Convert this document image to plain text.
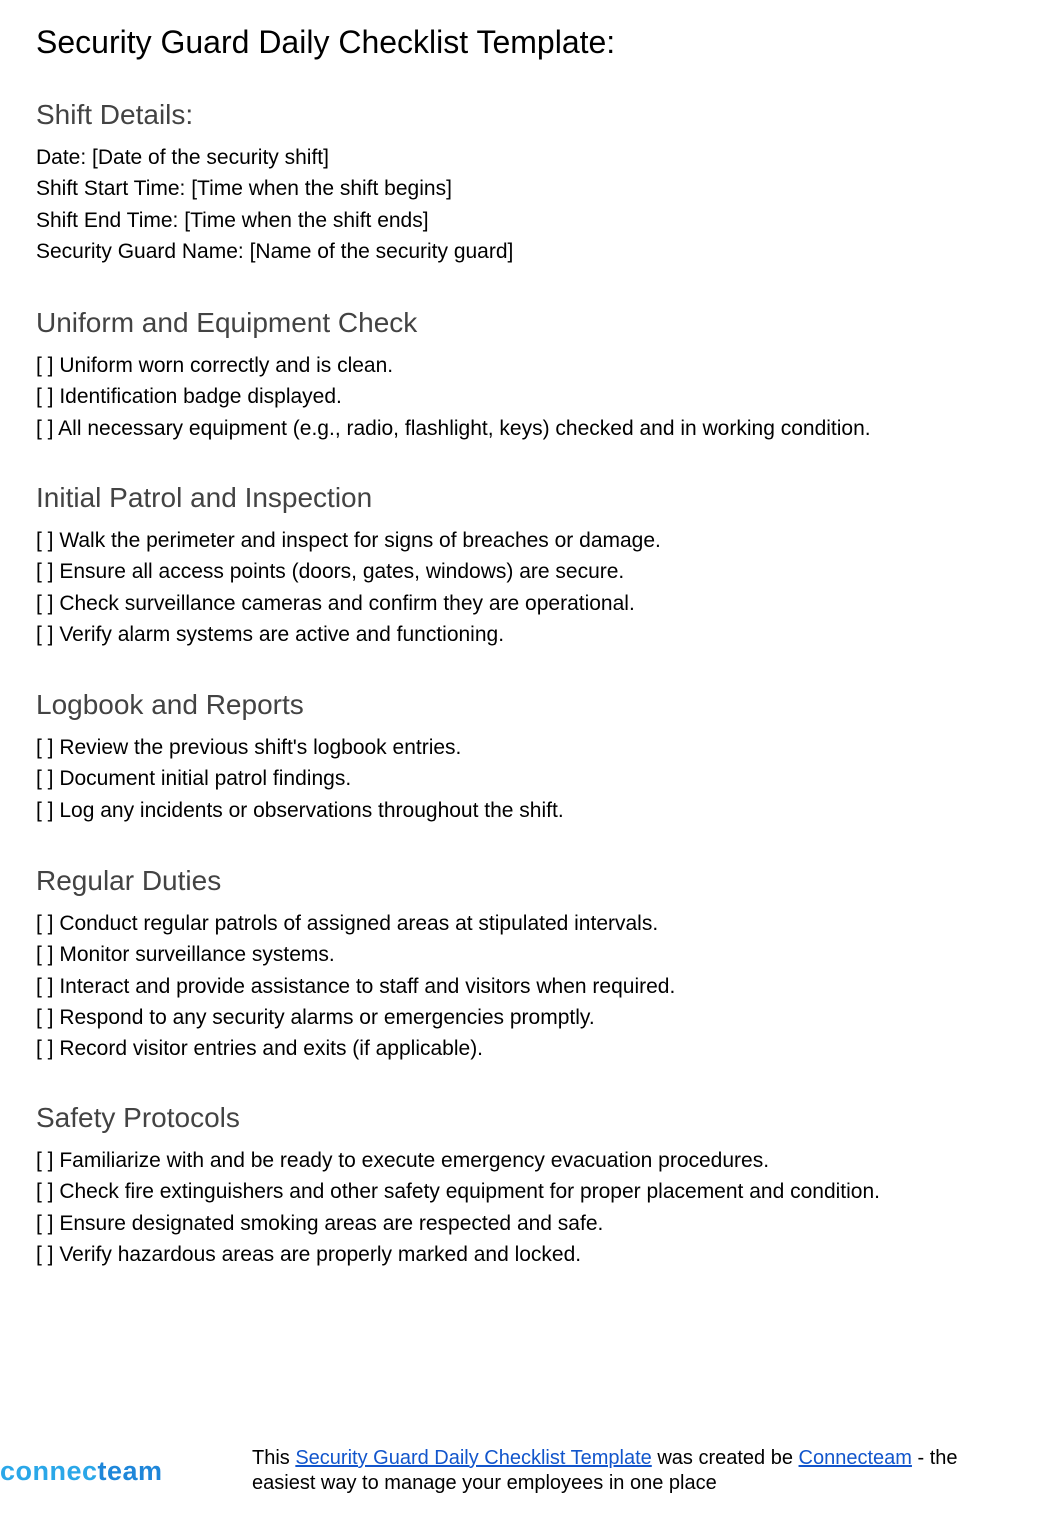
Security Guard Daily Checklist Template:
Shift Details:
Date: [Date of the security shift]
Shift Start Time: [Time when the shift begins]
Shift End Time: [Time when the shift ends]
Security Guard Name: [Name of the security guard]
Uniform and Equipment Check
[ ] Uniform worn correctly and is clean.
[ ] Identification badge displayed.
[ ] All necessary equipment (e.g., radio, flashlight, keys) checked and in working condition.
Initial Patrol and Inspection
[ ] Walk the perimeter and inspect for signs of breaches or damage.
[ ] Ensure all access points (doors, gates, windows) are secure.
[ ] Check surveillance cameras and confirm they are operational.
[ ] Verify alarm systems are active and functioning.
Logbook and Reports
[ ] Review the previous shift's logbook entries.
[ ] Document initial patrol findings.
[ ] Log any incidents or observations throughout the shift.
Regular Duties
[ ] Conduct regular patrols of assigned areas at stipulated intervals.
[ ] Monitor surveillance systems.
[ ] Interact and provide assistance to staff and visitors when required.
[ ] Respond to any security alarms or emergencies promptly.
[ ] Record visitor entries and exits (if applicable).
Safety Protocols
[ ] Familiarize with and be ready to execute emergency evacuation procedures.
[ ] Check fire extinguishers and other safety equipment for proper placement and condition.
[ ] Ensure designated smoking areas are respected and safe.
[ ] Verify hazardous areas are properly marked and locked.
connecteam	This Security Guard Daily Checklist Template was created be Connecteam - the easiest way to manage your employees in one place
